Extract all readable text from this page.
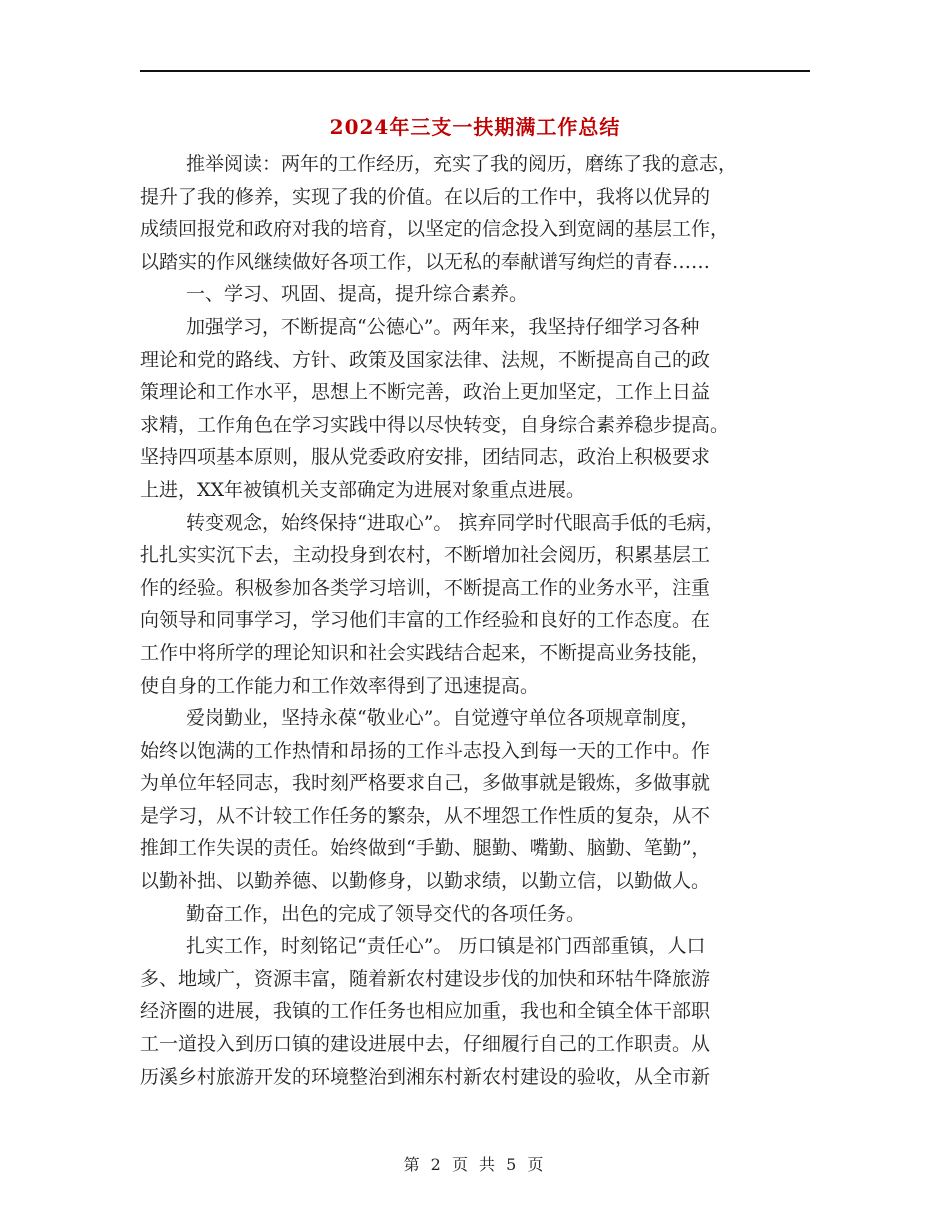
2024年三支一扶期满工作总结
推举阅读：两年的工作经历，充实了我的阅历，磨练了我的意志，
提升了我的修养，实现了我的价值。在以后的工作中，我将以优异的
成绩回报党和政府对我的培育，以坚定的信念投入到宽阔的基层工作，
以踏实的作风继续做好各项工作，以无私的奉献谱写绚烂的青春……
一、学习、巩固、提高，提升综合素养。
加强学习，不断提高“公德心”。两年来，我坚持仔细学习各种
理论和党的路线、方针、政策及国家法律、法规，不断提高自己的政
策理论和工作水平，思想上不断完善，政治上更加坚定，工作上日益
求精，工作角色在学习实践中得以尽快转变，自身综合素养稳步提高。
坚持四项基本原则，服从党委政府安排，团结同志，政治上积极要求
上进，XX年被镇机关支部确定为进展对象重点进展。
转变观念，始终保持“进取心”。 摈弃同学时代眼高手低的毛病，
扎扎实实沉下去，主动投身到农村，不断增加社会阅历，积累基层工
作的经验。积极参加各类学习培训，不断提高工作的业务水平，注重
向领导和同事学习，学习他们丰富的工作经验和良好的工作态度。在
工作中将所学的理论知识和社会实践结合起来，不断提高业务技能，
使自身的工作能力和工作效率得到了迅速提高。
爱岗勤业，坚持永葆“敬业心”。自觉遵守单位各项规章制度，
始终以饱满的工作热情和昂扬的工作斗志投入到每一天的工作中。作
为单位年轻同志，我时刻严格要求自己，多做事就是锻炼，多做事就
是学习，从不计较工作任务的繁杂，从不埋怨工作性质的复杂，从不
推卸工作失误的责任。始终做到“手勤、腿勤、嘴勤、脑勤、笔勤”，
以勤补拙、以勤养德、以勤修身，以勤求绩，以勤立信，以勤做人。
勤奋工作，出色的完成了领导交代的各项任务。
扎实工作，时刻铭记“责任心”。 历口镇是祁门西部重镇，人口
多、地域广，资源丰富，随着新农村建设步伐的加快和环牯牛降旅游
经济圈的进展，我镇的工作任务也相应加重，我也和全镇全体干部职
工一道投入到历口镇的建设进展中去，仔细履行自己的工作职责。从
历溪乡村旅游开发的环境整治到湘东村新农村建设的验收，从全市新
第 2 页 共 5 页
